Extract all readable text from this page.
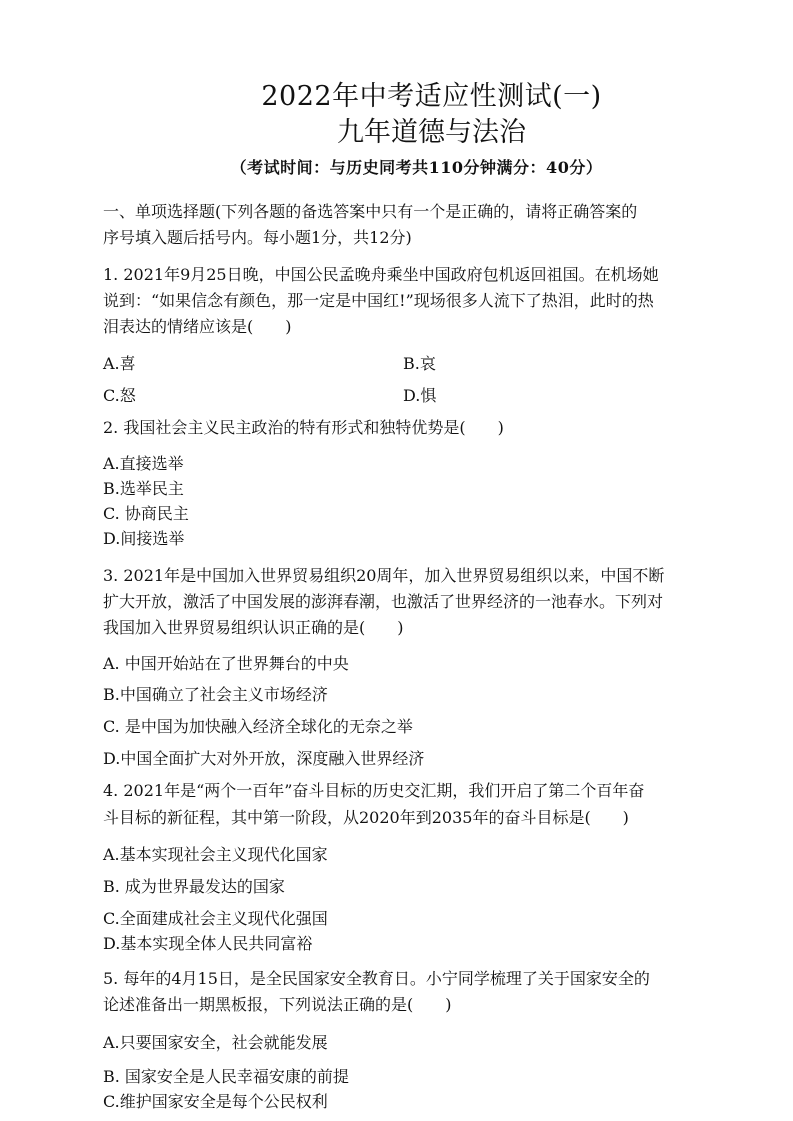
2022年中考适应性测试(一)
九年道德与法治
（考试时间：与历史同考共110分钟满分：40分）
一、单项选择题(下列各题的备选答案中只有一个是正确的，请将正确答案的
序号填入题后括号内。每小题1分，共12分)
1. 2021年9月25日晚，中国公民孟晚舟乘坐中国政府包机返回祖国。在机场她
说到：“如果信念有颜色，那一定是中国红!”现场很多人流下了热泪，此时的热
泪表达的情绪应该是(　　)
A.喜	B.哀
C.怒	D.惧
2. 我国社会主义民主政治的特有形式和独特优势是(　　)
A.直接选举
B.选举民主
C. 协商民主
D.间接选举
3. 2021年是中国加入世界贸易组织20周年，加入世界贸易组织以来，中国不断
扩大开放，激活了中国发展的澎湃春潮，也激活了世界经济的一池春水。下列对
我国加入世界贸易组织认识正确的是(　　)
A. 中国开始站在了世界舞台的中央
B.中国确立了社会主义市场经济
C. 是中国为加快融入经济全球化的无奈之举
D.中国全面扩大对外开放，深度融入世界经济
4. 2021年是“两个一百年”奋斗目标的历史交汇期，我们开启了第二个百年奋
斗目标的新征程，其中第一阶段，从2020年到2035年的奋斗目标是(　　)
A.基本实现社会主义现代化国家
B. 成为世界最发达的国家
C.全面建成社会主义现代化强国
D.基本实现全体人民共同富裕
5. 每年的4月15日，是全民国家安全教育日。小宁同学梳理了关于国家安全的
论述准备出一期黑板报，下列说法正确的是(　　)
A.只要国家安全，社会就能发展
B. 国家安全是人民幸福安康的前提
C.维护国家安全是每个公民权利
